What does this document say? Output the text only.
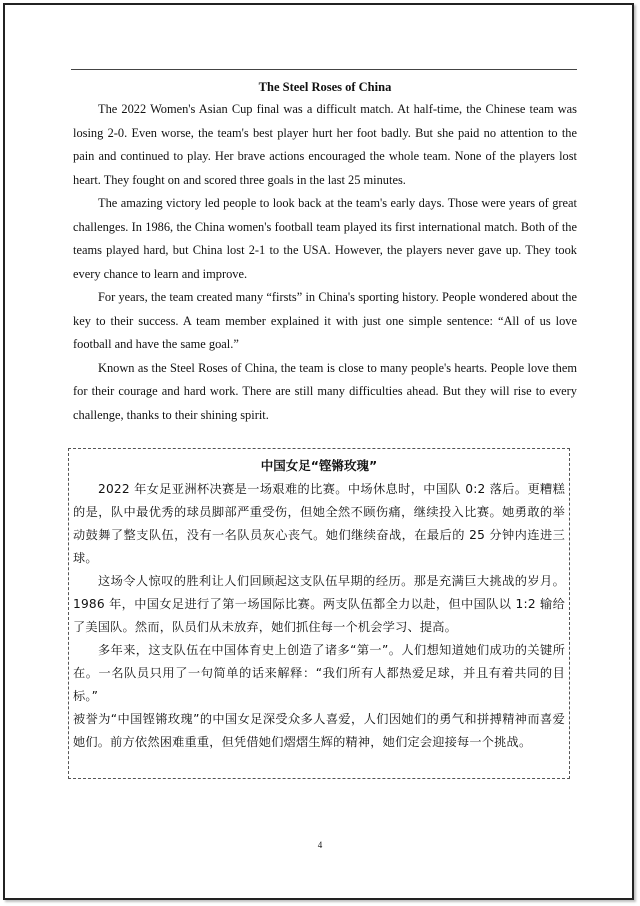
The Steel Roses of China

The 2022 Women's Asian Cup final was a difficult match. At half-time, the Chinese team was losing 2-0. Even worse, the team's best player hurt her foot badly. But she paid no attention to the pain and continued to play. Her brave actions encouraged the whole team. None of the players lost heart. They fought on and scored three goals in the last 25 minutes.

The amazing victory led people to look back at the team's early days. Those were years of great challenges. In 1986, the China women's football team played its first international match. Both of the teams played hard, but China lost 2-1 to the USA. However, the players never gave up. They took every chance to learn and improve.

For years, the team created many “firsts” in China's sporting history. People wondered about the key to their success. A team member explained it with just one simple sentence: “All of us love football and have the same goal.”

Known as the Steel Roses of China, the team is close to many people's hearts. People love them for their courage and hard work. There are still many difficulties ahead. But they will rise to every challenge, thanks to their shining spirit.

中国女足“铿锵玫瑰”

2022 年女足亚洲杯决赛是一场艰难的比赛。中场休息时，中国队 0:2 落后。更糟糕的是，队中最优秀的球员脚部严重受伤，但她全然不顾伤痛，继续投入比赛。她勇敢的举动鼓舞了整支队伍，没有一名队员灰心丧气。她们继续奋战，在最后的 25 分钟内连进三球。

这场令人惊叹的胜利让人们回顾起这支队伍早期的经历。那是充满巨大挑战的岁月。1986 年，中国女足进行了第一场国际比赛。两支队伍都全力以赴，但中国队以 1:2 输给了美国队。然而，队员们从未放弃，她们抓住每一个机会学习、提高。

多年来，这支队伍在中国体育史上创造了诸多“第一”。人们想知道她们成功的关键所在。一名队员只用了一句简单的话来解释：“我们所有人都热爱足球，并且有着共同的目标。”

被誉为“中国铿锵玫瑰”的中国女足深受众多人喜爱，人们因她们的勇气和拼搏精神而喜爱她们。前方依然困难重重，但凭借她们熠熠生辉的精神，她们定会迎接每一个挑战。

4
